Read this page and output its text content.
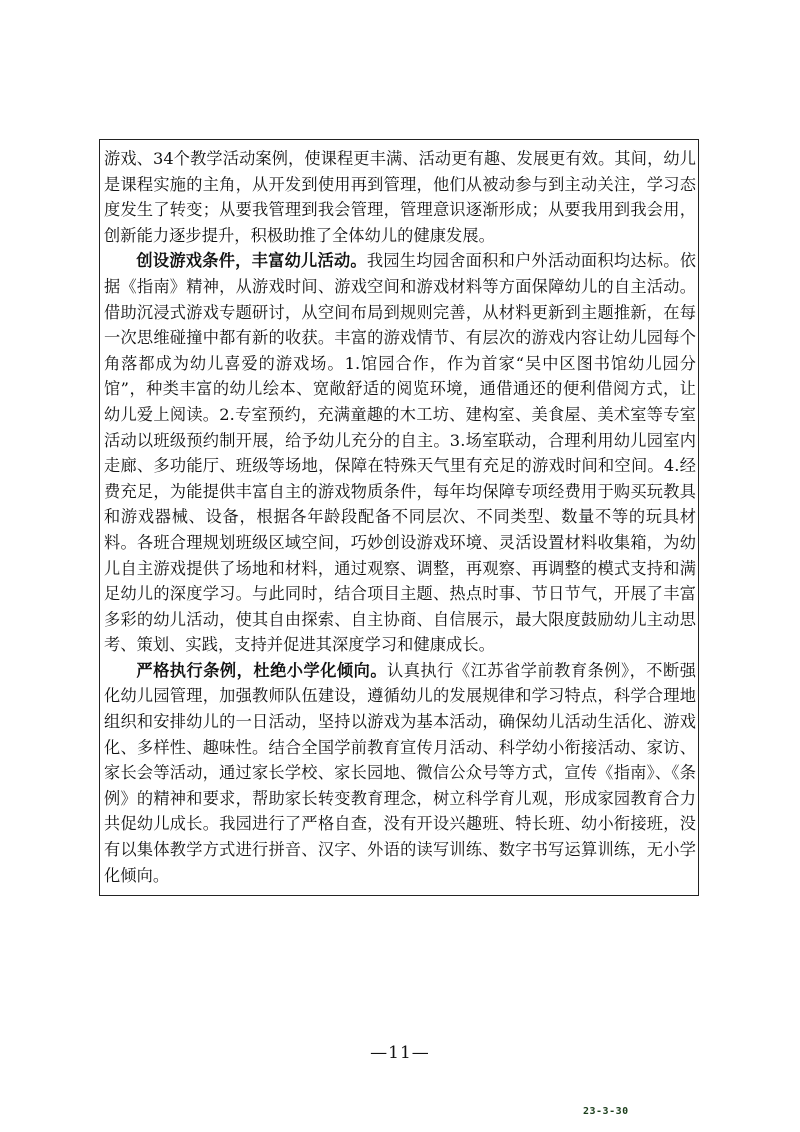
游戏、34个教学活动案例，使课程更丰满、活动更有趣、发展更有效。其间，幼儿是课程实施的主角，从开发到使用再到管理，他们从被动参与到主动关注，学习态度发生了转变；从要我管理到我会管理，管理意识逐渐形成；从要我用到我会用，创新能力逐步提升，积极助推了全体幼儿的健康发展。

创设游戏条件，丰富幼儿活动。我园生均园舍面积和户外活动面积均达标。依据《指南》精神，从游戏时间、游戏空间和游戏材料等方面保障幼儿的自主活动。借助沉浸式游戏专题研讨，从空间布局到规则完善，从材料更新到主题推新，在每一次思维碰撞中都有新的收获。丰富的游戏情节、有层次的游戏内容让幼儿园每个角落都成为幼儿喜爱的游戏场。1.馆园合作，作为首家“吴中区图书馆幼儿园分馆”，种类丰富的幼儿绘本、宽敞舒适的阅览环境，通借通还的便利借阅方式，让幼儿爱上阅读。2.专室预约，充满童趣的木工坊、建构室、美食屋、美术室等专室活动以班级预约制开展，给予幼儿充分的自主。3.场室联动，合理利用幼儿园室内走廊、多功能厅、班级等场地，保障在特殊天气里有充足的游戏时间和空间。4.经费充足，为能提供丰富自主的游戏物质条件，每年均保障专项经费用于购买玩教具和游戏器械、设备，根据各年龄段配备不同层次、不同类型、数量不等的玩具材料。各班合理规划班级区域空间，巧妙创设游戏环境、灵活设置材料收集箱，为幼儿自主游戏提供了场地和材料，通过观察、调整，再观察、再调整的模式支持和满足幼儿的深度学习。与此同时，结合项目主题、热点时事、节日节气，开展了丰富多彩的幼儿活动，使其自由探索、自主协商、自信展示，最大限度鼓励幼儿主动思考、策划、实践，支持并促进其深度学习和健康成长。

严格执行条例，杜绝小学化倾向。认真执行《江苏省学前教育条例》，不断强化幼儿园管理，加强教师队伍建设，遵循幼儿的发展规律和学习特点，科学合理地组织和安排幼儿的一日活动，坚持以游戏为基本活动，确保幼儿活动生活化、游戏化、多样性、趣味性。结合全国学前教育宣传月活动、科学幼小衔接活动、家访、家长会等活动，通过家长学校、家长园地、微信公众号等方式，宣传《指南》、《条例》的精神和要求，帮助家长转变教育理念，树立科学育儿观，形成家园教育合力共促幼儿成长。我园进行了严格自查，没有开设兴趣班、特长班、幼小衔接班，没有以集体教学方式进行拼音、汉字、外语的读写训练、数字书写运算训练，无小学化倾向。

—11—
23-3-30
